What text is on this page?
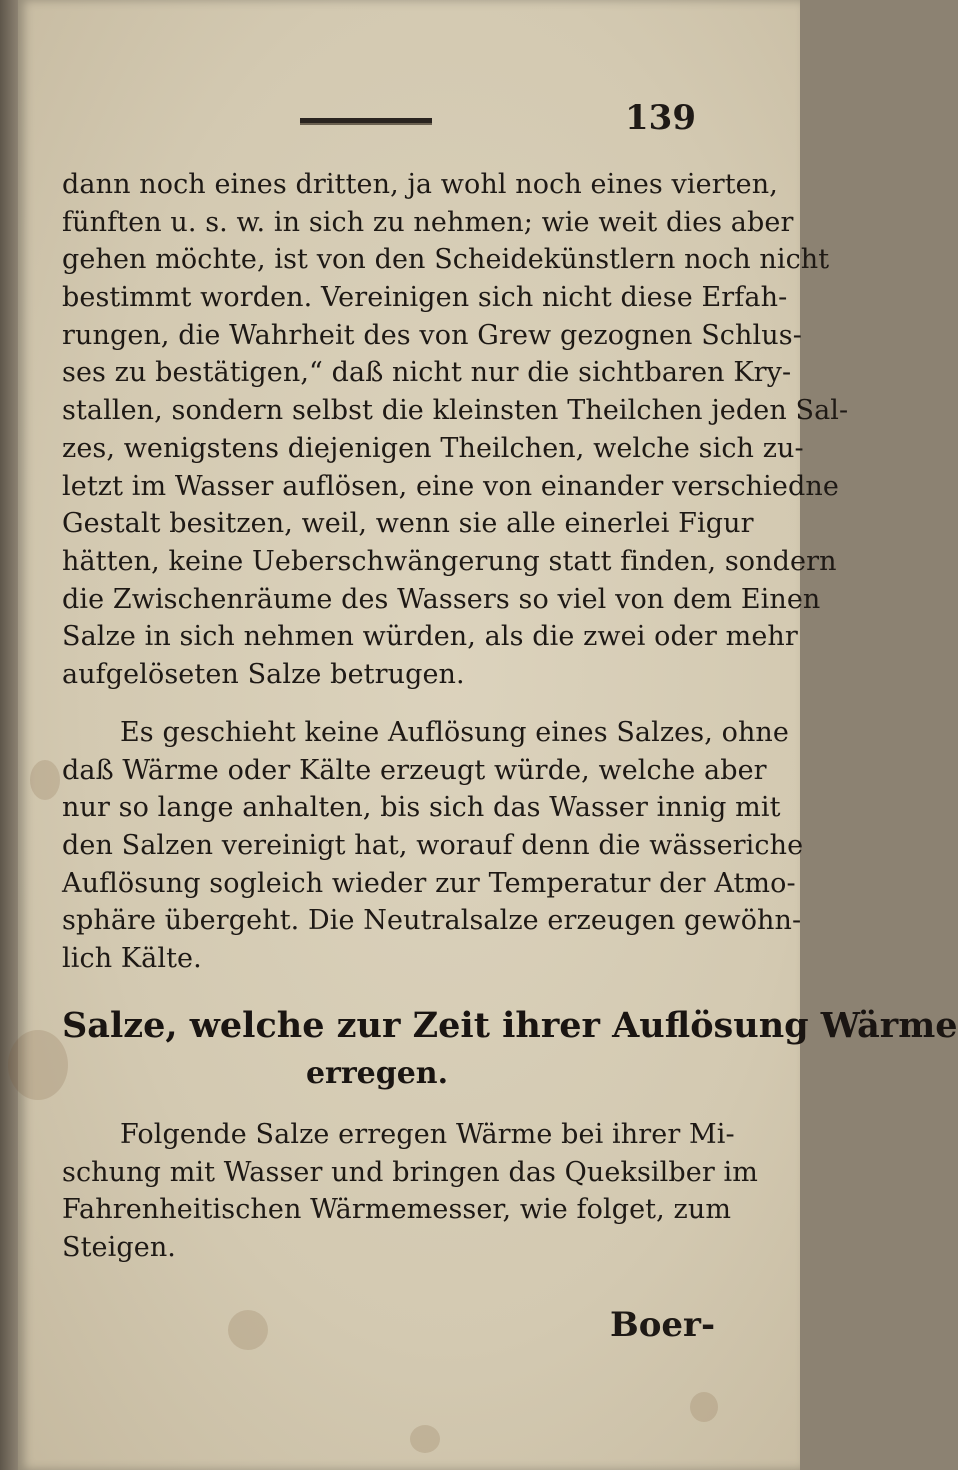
139
dann noch eines dritten, ja wohl noch eines vierten,
fünften u. s. w. in sich zu nehmen; wie weit dies aber
gehen möchte, ist von den Scheidekünstlern noch nicht
bestimmt worden. Vereinigen sich nicht diese Erfah-
rungen, die Wahrheit des von Grew gezognen Schlus-
ses zu bestätigen,“ daß nicht nur die sichtbaren Kry-
stallen, sondern selbst die kleinsten Theilchen jeden Sal-
zes, wenigstens diejenigen Theilchen, welche sich zu-
letzt im Wasser auflösen, eine von einander verschiedne
Gestalt besitzen, weil, wenn sie alle einerlei Figur
hätten, keine Ueberschwängerung statt finden, sondern
die Zwischenräume des Wassers so viel von dem Einen
Salze in sich nehmen würden, als die zwei oder mehr
aufgelöseten Salze betrugen.
Es geschieht keine Auflösung eines Salzes, ohne
daß Wärme oder Kälte erzeugt würde, welche aber
nur so lange anhalten, bis sich das Wasser innig mit
den Salzen vereinigt hat, worauf denn die wässeriche
Auflösung sogleich wieder zur Temperatur der Atmo-
sphäre übergeht. Die Neutralsalze erzeugen gewöhn-
lich Kälte.
Salze, welche zur Zeit ihrer Auflösung Wärme
erregen.
Folgende Salze erregen Wärme bei ihrer Mi-
schung mit Wasser und bringen das Queksilber im
Fahrenheitischen Wärmemesser, wie folget, zum
Steigen.
Boer-
